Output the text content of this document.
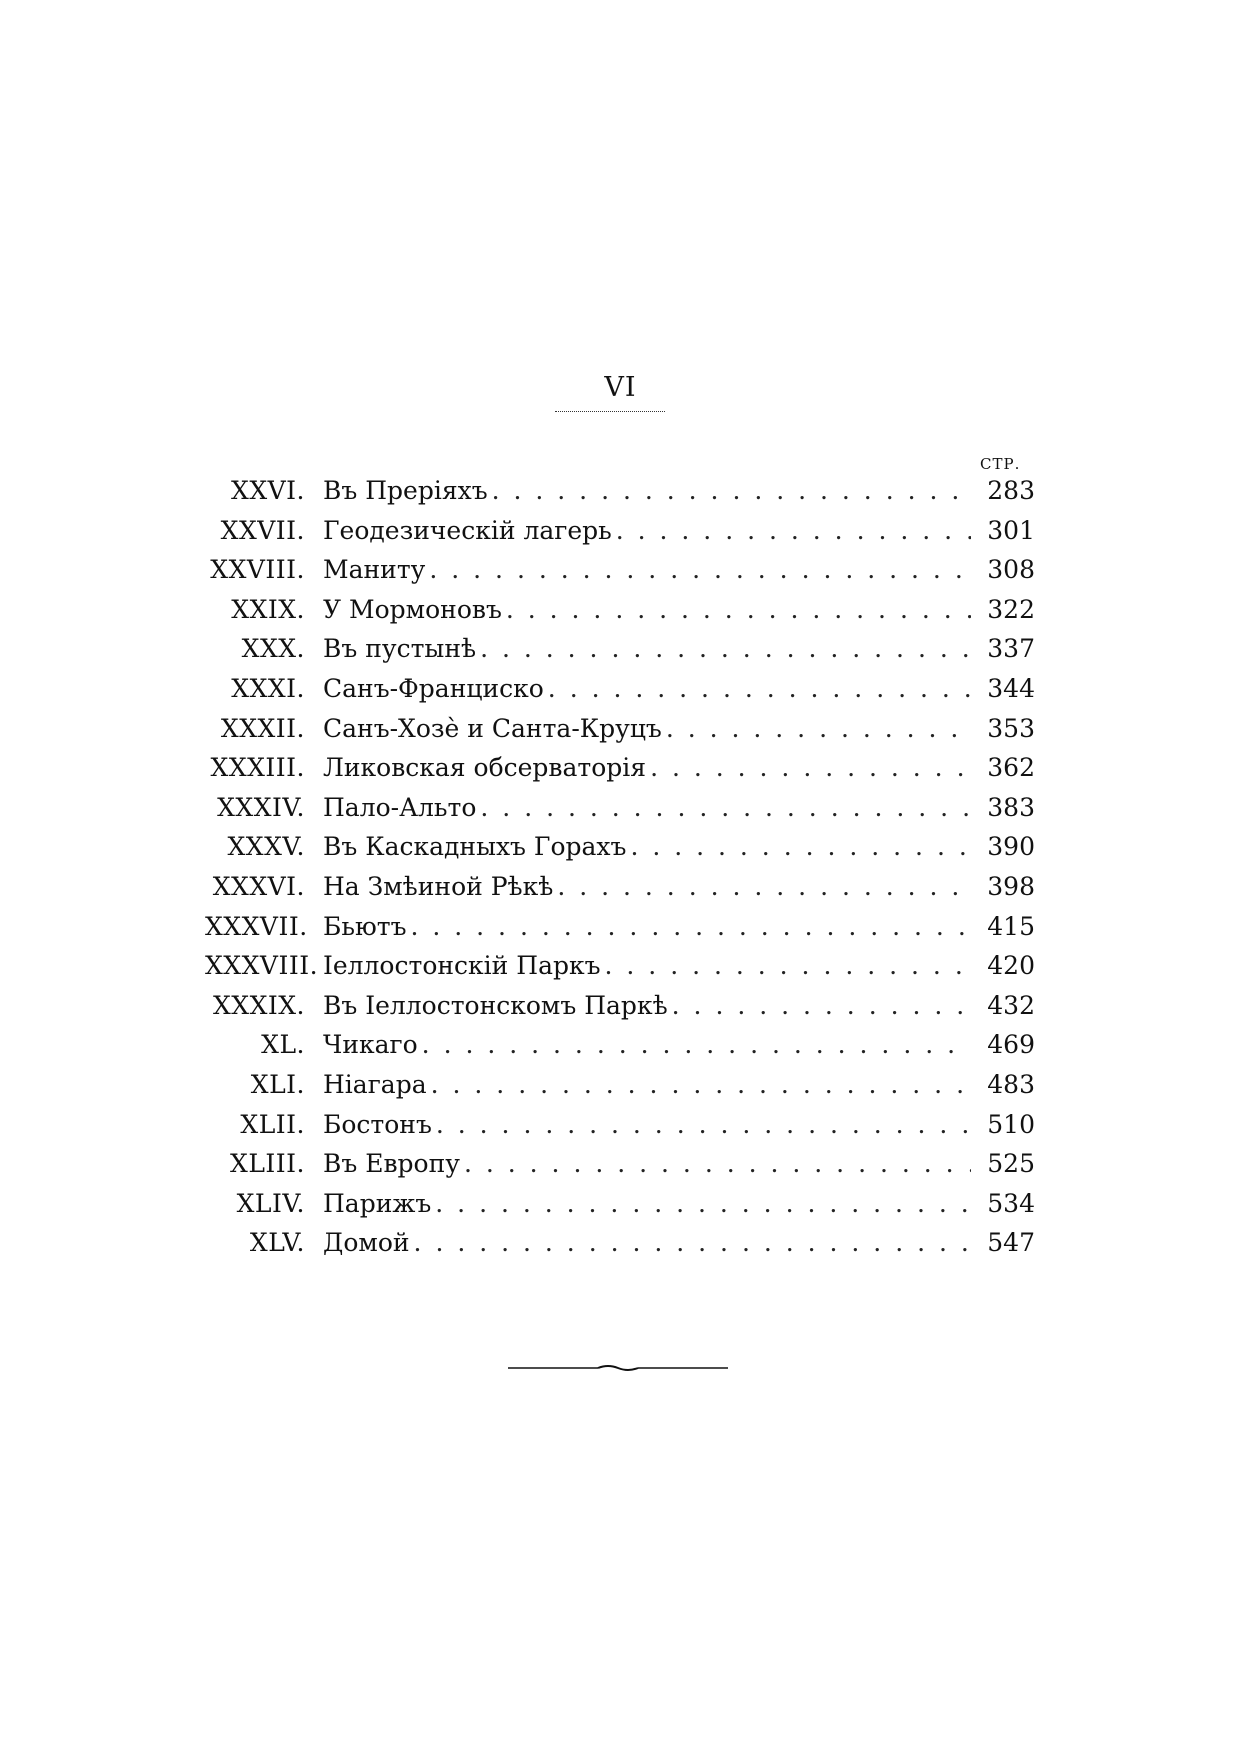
VI
СТР.
XXVI. Въ Преріяхъ . . .	283
XXVII. Геодезическій лагерь . . .	301
XXVIII. Маниту . . .	308
XXIX. У Мормоновъ . . .	322
XXX. Въ пустынѣ . . .	337
XXXI. Санъ-Франциско . . .	344
XXXII. Санъ-Хозѐ и Санта-Круцъ . . .	353
XXXIII. Ликовская обсерваторія . . .	362
XXXIV. Пало-Альто . . .	383
XXXV. Въ Каскадныхъ Горахъ . . .	390
XXXVI. На Змѣиной Рѣкѣ . . .	398
XXXVII. Бьютъ . . .	415
XXXVIII. Іеллостонскій Паркъ . . .	420
XXXIX. Въ Іеллостонскомъ Паркѣ . . .	432
XL. Чикаго . . .	469
XLI. Ніагара . . .	483
XLII. Бостонъ . . .	510
XLIII. Въ Европу . . .	525
XLIV. Парижъ . . .	534
XLV. Домой . . .	547
